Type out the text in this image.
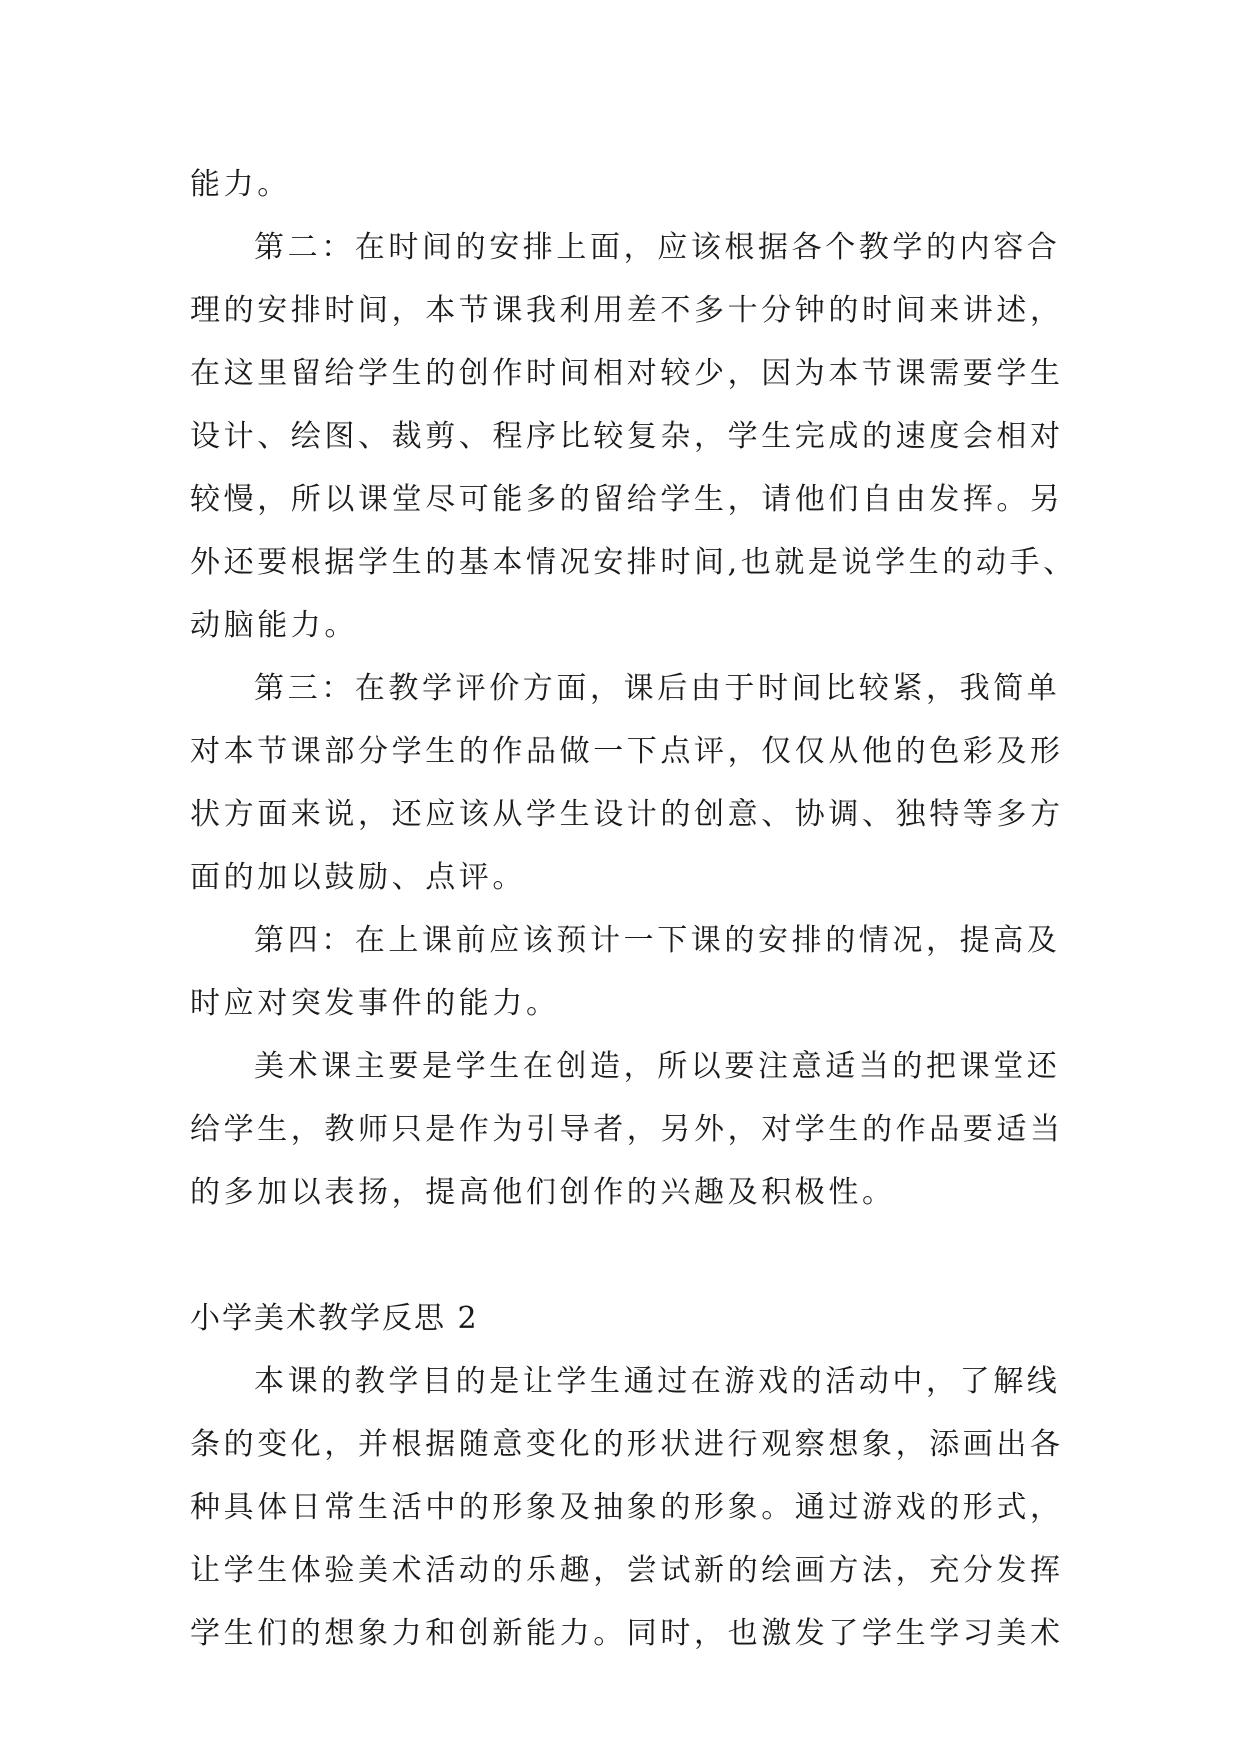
能力。
第二：在时间的安排上面，应该根据各个教学的内容合
理的安排时间，本节课我利用差不多十分钟的时间来讲述，
在这里留给学生的创作时间相对较少，因为本节课需要学生
设计、绘图、裁剪、程序比较复杂，学生完成的速度会相对
较慢，所以课堂尽可能多的留给学生，请他们自由发挥。另
外还要根据学生的基本情况安排时间,也就是说学生的动手、
动脑能力。
第三：在教学评价方面，课后由于时间比较紧，我简单
对本节课部分学生的作品做一下点评，仅仅从他的色彩及形
状方面来说，还应该从学生设计的创意、协调、独特等多方
面的加以鼓励、点评。
第四：在上课前应该预计一下课的安排的情况，提高及
时应对突发事件的能力。
美术课主要是学生在创造，所以要注意适当的把课堂还
给学生，教师只是作为引导者，另外，对学生的作品要适当
的多加以表扬，提高他们创作的兴趣及积极性。
小学美术教学反思 2
本课的教学目的是让学生通过在游戏的活动中，了解线
条的变化，并根据随意变化的形状进行观察想象，添画出各
种具体日常生活中的形象及抽象的形象。通过游戏的形式，
让学生体验美术活动的乐趣，尝试新的绘画方法，充分发挥
学生们的想象力和创新能力。同时，也激发了学生学习美术
